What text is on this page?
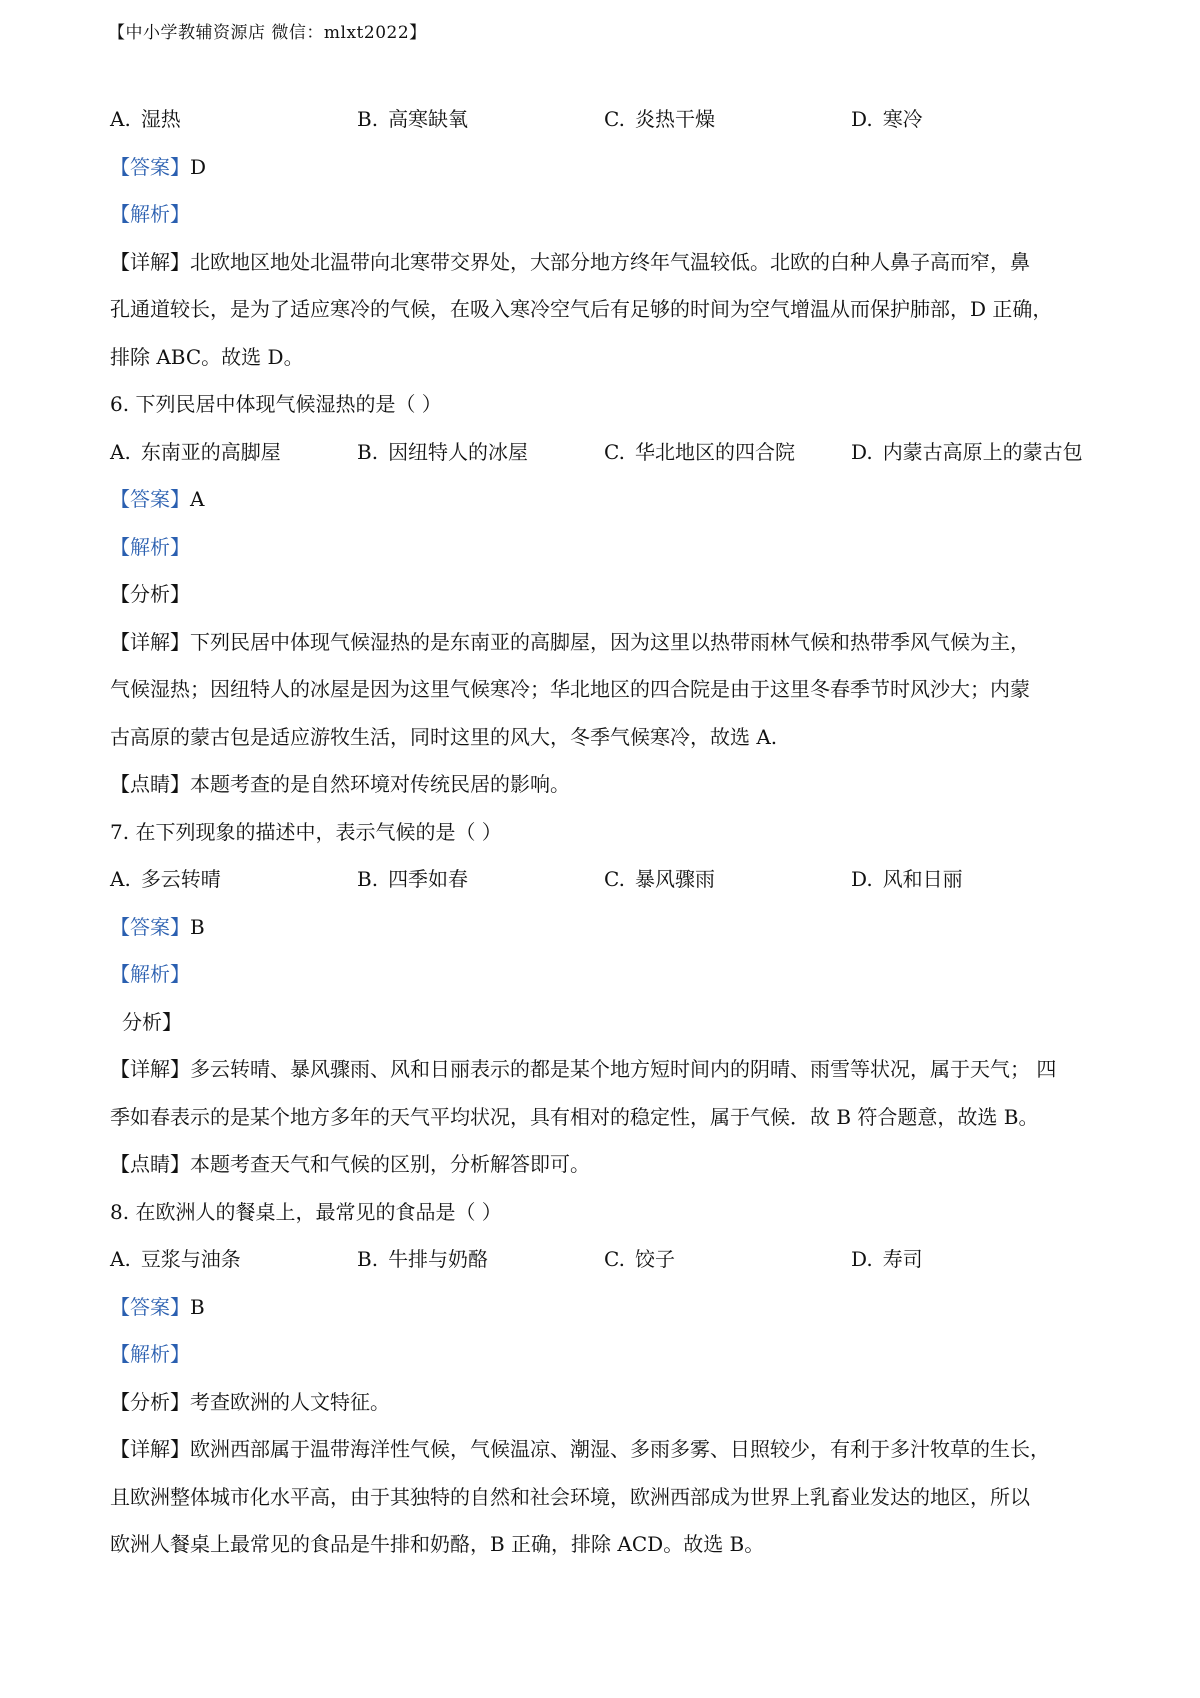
【中小学教辅资源店 微信：mlxt2022】
A. 湿热	B. 高寒缺氧	C. 炎热干燥	D. 寒冷
【答案】D
【解析】
【详解】北欧地区地处北温带向北寒带交界处，大部分地方终年气温较低。北欧的白种人鼻子高而窄，鼻
孔通道较长，是为了适应寒冷的气候，在吸入寒冷空气后有足够的时间为空气增温从而保护肺部，D 正确，
排除 ABC。故选 D。
6. 下列民居中体现气候湿热的是（ ）
A. 东南亚的高脚屋	B. 因纽特人的冰屋	C. 华北地区的四合院	D. 内蒙古高原上的蒙古包
【答案】A
【解析】
【分析】
【详解】下列民居中体现气候湿热的是东南亚的高脚屋，因为这里以热带雨林气候和热带季风气候为主，
气候湿热；因纽特人的冰屋是因为这里气候寒冷；华北地区的四合院是由于这里冬春季节时风沙大；内蒙
古高原的蒙古包是适应游牧生活，同时这里的风大，冬季气候寒冷，故选 A.
【点睛】本题考查的是自然环境对传统民居的影响。
7. 在下列现象的描述中，表示气候的是（ ）
A. 多云转晴	B. 四季如春	C. 暴风骤雨	D. 风和日丽
【答案】B
【解析】
分析】
【详解】多云转晴、暴风骤雨、风和日丽表示的都是某个地方短时间内的阴晴、雨雪等状况，属于天气； 四
季如春表示的是某个地方多年的天气平均状况，具有相对的稳定性，属于气候．故 B 符合题意，故选 B。
【点睛】本题考查天气和气候的区别，分析解答即可。
8. 在欧洲人的餐桌上，最常见的食品是（ ）
A. 豆浆与油条	B. 牛排与奶酪	C. 饺子	D. 寿司
【答案】B
【解析】
【分析】考查欧洲的人文特征。
【详解】欧洲西部属于温带海洋性气候，气候温凉、潮湿、多雨多雾、日照较少，有利于多汁牧草的生长，
且欧洲整体城市化水平高，由于其独特的自然和社会环境，欧洲西部成为世界上乳畜业发达的地区，所以
欧洲人餐桌上最常见的食品是牛排和奶酪，B 正确，排除 ACD。故选 B。
